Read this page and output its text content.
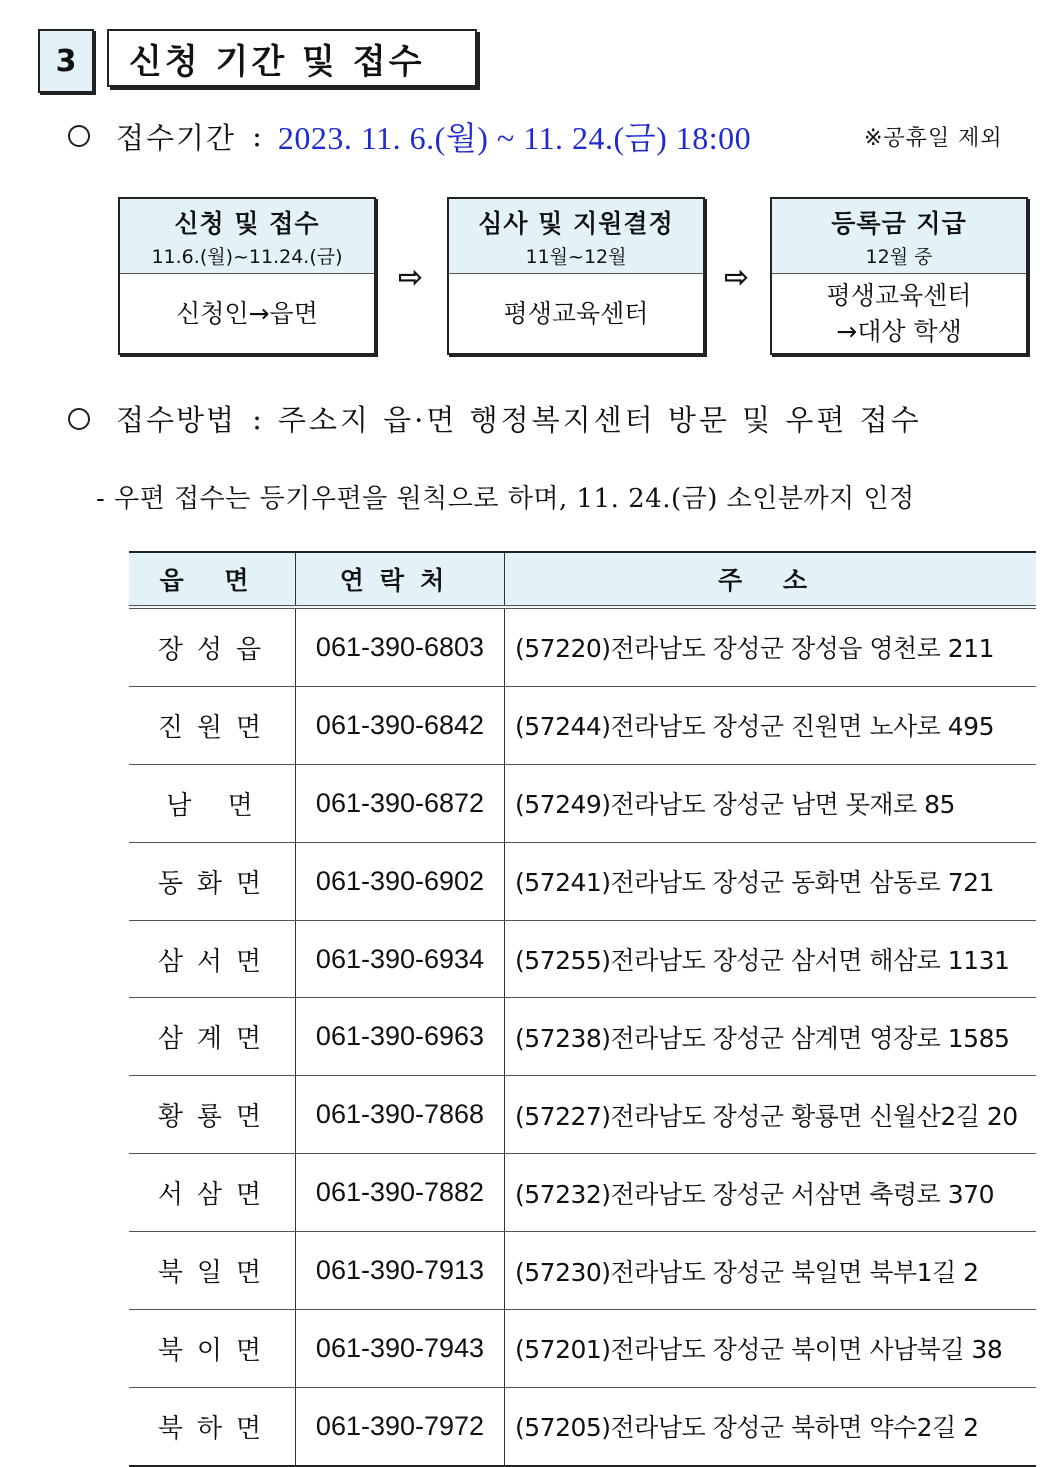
3	신청 기간 및 접수
접수기간 : 2023. 11. 6.(월) ~ 11. 24.(금) 18:00	※공휴일 제외
신청 및 접수
11.6.(월)~11.24.(금)
신청인→읍면
⇨
심사 및 지원결정
11월~12월
평생교육센터
⇨
등록금 지급
12월 중
평생교육센터
→대상 학생
접수방법 : 주소지 읍·면 행정복지센터 방문 및 우편 접수
- 우편 접수는 등기우편을 원칙으로 하며, 11. 24.(금) 소인분까지 인정
읍 면	연락처	주 소
장성읍	061-390-6803	(57220)전라남도 장성군 장성읍 영천로 211
진원면	061-390-6842	(57244)전라남도 장성군 진원면 노사로 495
남 면	061-390-6872	(57249)전라남도 장성군 남면 못재로 85
동화면	061-390-6902	(57241)전라남도 장성군 동화면 삼동로 721
삼서면	061-390-6934	(57255)전라남도 장성군 삼서면 해삼로 1131
삼계면	061-390-6963	(57238)전라남도 장성군 삼계면 영장로 1585
황룡면	061-390-7868	(57227)전라남도 장성군 황룡면 신월산2길 20
서삼면	061-390-7882	(57232)전라남도 장성군 서삼면 축령로 370
북일면	061-390-7913	(57230)전라남도 장성군 북일면 북부1길 2
북이면	061-390-7943	(57201)전라남도 장성군 북이면 사남북길 38
북하면	061-390-7972	(57205)전라남도 장성군 북하면 약수2길 2
